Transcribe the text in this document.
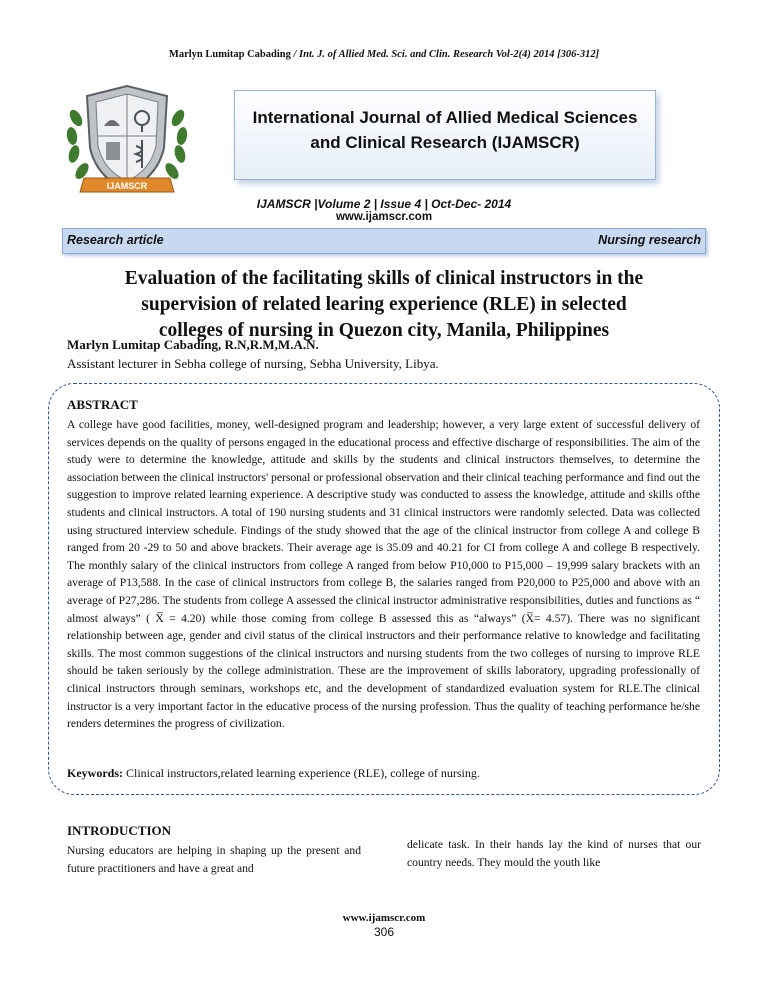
Marlyn Lumitap Cabading / Int. J. of Allied Med. Sci. and Clin. Research Vol-2(4) 2014 [306-312]
IJAMSCR
International Journal of Allied Medical Sciences
and Clinical Research (IJAMSCR)
IJAMSCR |Volume 2 | Issue 4 | Oct-Dec- 2014
www.ijamscr.com
Research article	Nursing research
Evaluation of the facilitating skills of clinical instructors in the
supervision of related learing experience (RLE) in selected
colleges of nursing in Quezon city, Manila, Philippines
Marlyn Lumitap Cabading, R.N,R.M,M.A.N.
Assistant lecturer in Sebha college of nursing, Sebha University, Libya.
ABSTRACT
A college have good facilities, money, well-designed program and leadership; however, a very large extent of successful delivery of services depends on the quality of persons engaged in the educational process and effective discharge of responsibilities. The aim of the study were to determine the knowledge, attitude and skills by the students and clinical instructors themselves, to determine the association between the clinical instructors' personal or professional observation and their clinical teaching performance and find out the suggestion to improve related learning experience. A descriptive study was conducted to assess the knowledge, attitude and skills ofthe students and clinical instructors. A total of 190 nursing students and 31 clinical instructors were randomly selected. Data was collected using structured interview schedule. Findings of the study showed that the age of the clinical instructor from college A and college B ranged from 20 -29 to 50 and above brackets. Their average age is 35.09 and 40.21 for CI from college A and college B respectively. The monthly salary of the clinical instructors from college A ranged from below P10,000 to P15,000 – 19,999 salary brackets with an average of P13,588. In the case of clinical instructors from college B, the salaries ranged from P20,000 to P25,000 and above with an average of P27,286. The students from college A assessed the clinical instructor administrative responsibilities, duties and functions as “ almost always” ( X̅ = 4.20) while those coming from college B assessed this as “always” (X̅= 4.57). There was no significant relationship between age, gender and civil status of the clinical instructors and their performance relative to knowledge and facilitating skills. The most common suggestions of the clinical instructors and nursing students from the two colleges of nursing to improve RLE should be taken seriously by the college administration. These are the improvement of skills laboratory, upgrading professionally of clinical instructors through seminars, workshops etc, and the development of standardized evaluation system for RLE.The clinical instructor is a very important factor in the educative process of the nursing profession. Thus the quality of teaching performance he/she renders determines the progress of civilization.
Keywords: Clinical instructors,related learning experience (RLE), college of nursing.
INTRODUCTION
Nursing educators are helping in shaping up the present and future practitioners and have a great and
delicate task. In their hands lay the kind of nurses that our country needs. They mould the youth like
www.ijamscr.com
306
